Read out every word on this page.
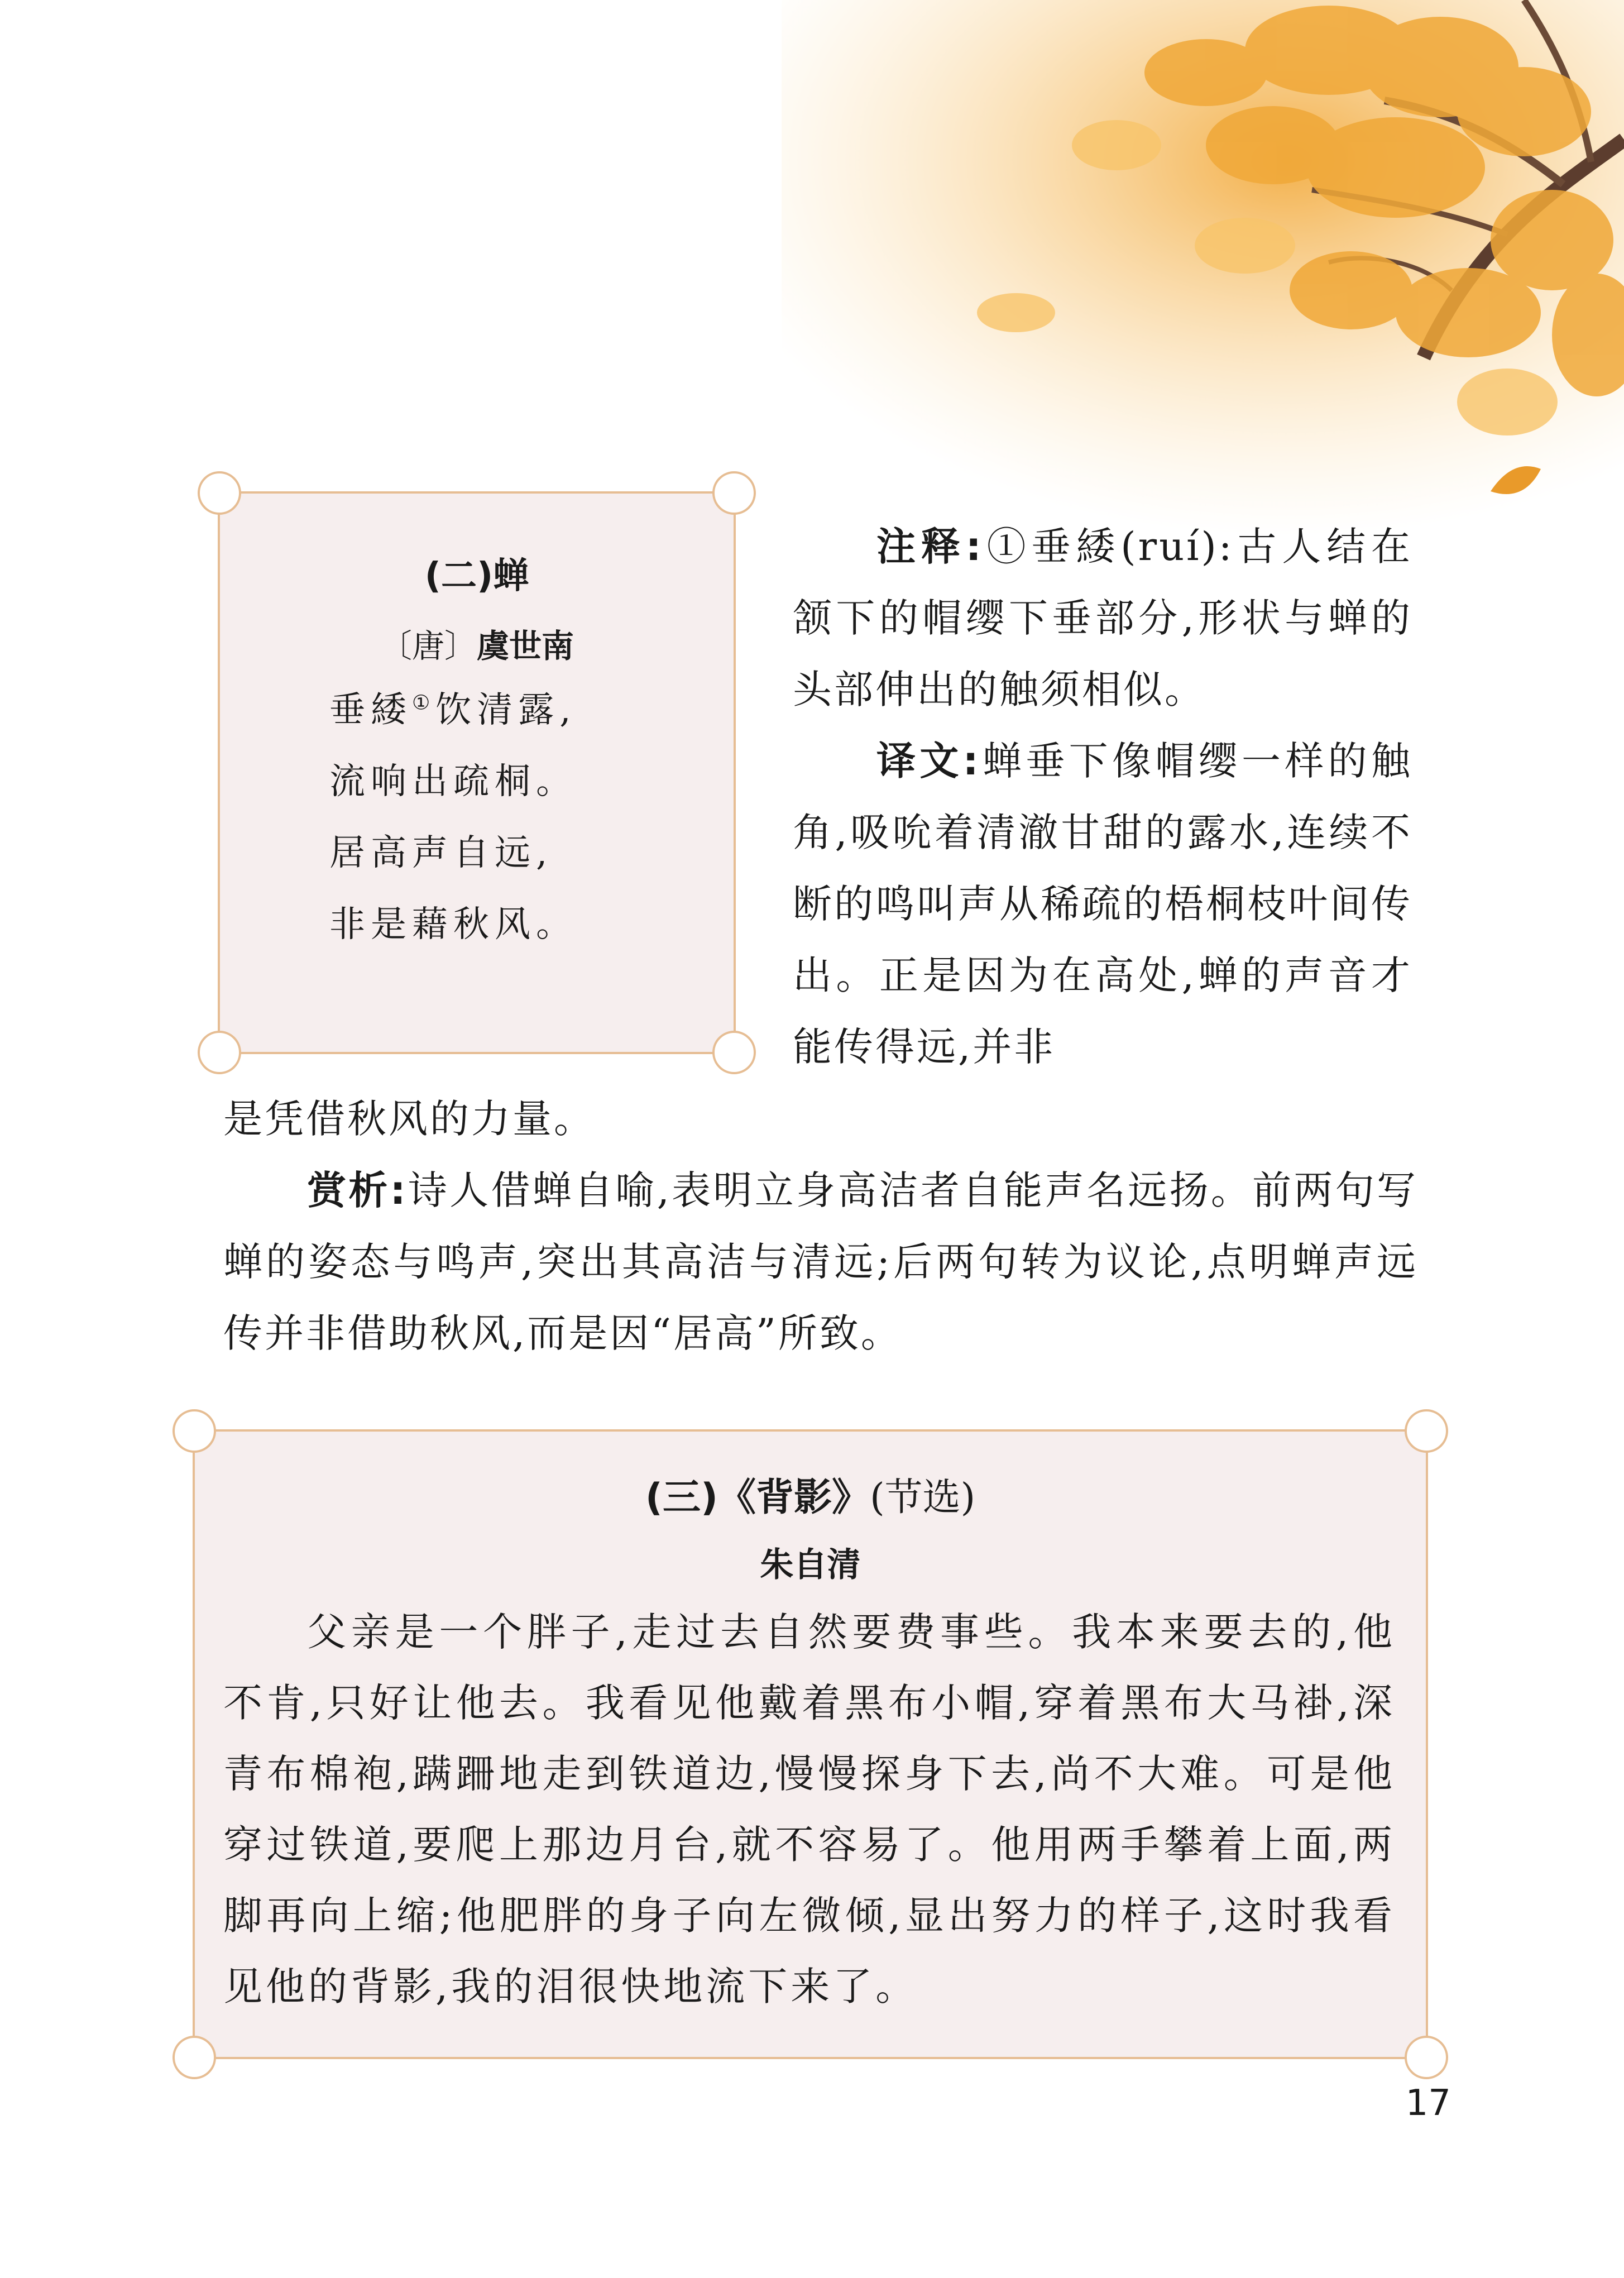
(二)蝉
〔唐〕虞世南
垂緌①饮清露,
流响出疏桐。
居高声自远,
非是藉秋风。
注释:①垂緌(ruí):古人结在颔下的帽缨下垂部分,形状与蝉的头部伸出的触须相似。
译文:蝉垂下像帽缨一样的触角,吸吮着清澈甘甜的露水,连续不断的鸣叫声从稀疏的梧桐枝叶间传出。正是因为在高处,蝉的声音才能传得远,并非
是凭借秋风的力量。
赏析:诗人借蝉自喻,表明立身高洁者自能声名远扬。前两句写蝉的姿态与鸣声,突出其高洁与清远;后两句转为议论,点明蝉声远传并非借助秋风,而是因“居高”所致。
(三)《背影》(节选)
朱自清
父亲是一个胖子,走过去自然要费事些。我本来要去的,他不肯,只好让他去。我看见他戴着黑布小帽,穿着黑布大马褂,深青布棉袍,蹒跚地走到铁道边,慢慢探身下去,尚不大难。可是他穿过铁道,要爬上那边月台,就不容易了。他用两手攀着上面,两脚再向上缩;他肥胖的身子向左微倾,显出努力的样子,这时我看见他的背影,我的泪很快地流下来了。
17
